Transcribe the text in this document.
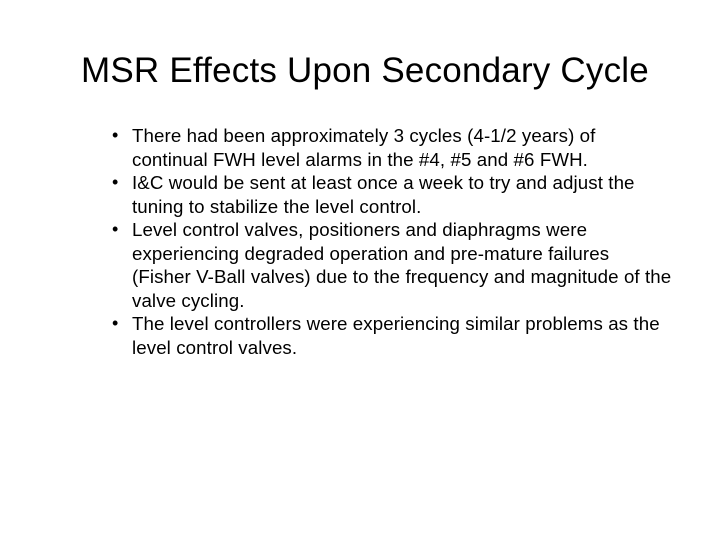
MSR Effects Upon Secondary Cycle
• There had been approximately 3 cycles (4-1/2 years) of continual FWH level alarms in the #4, #5 and #6 FWH.
• I&C would be sent at least once a week to try and adjust the tuning to stabilize the level control.
• Level control valves, positioners and diaphragms were experiencing degraded operation and pre-mature failures (Fisher V-Ball valves) due to the frequency and magnitude of the valve cycling.
• The level controllers were experiencing similar problems as the level control valves.
